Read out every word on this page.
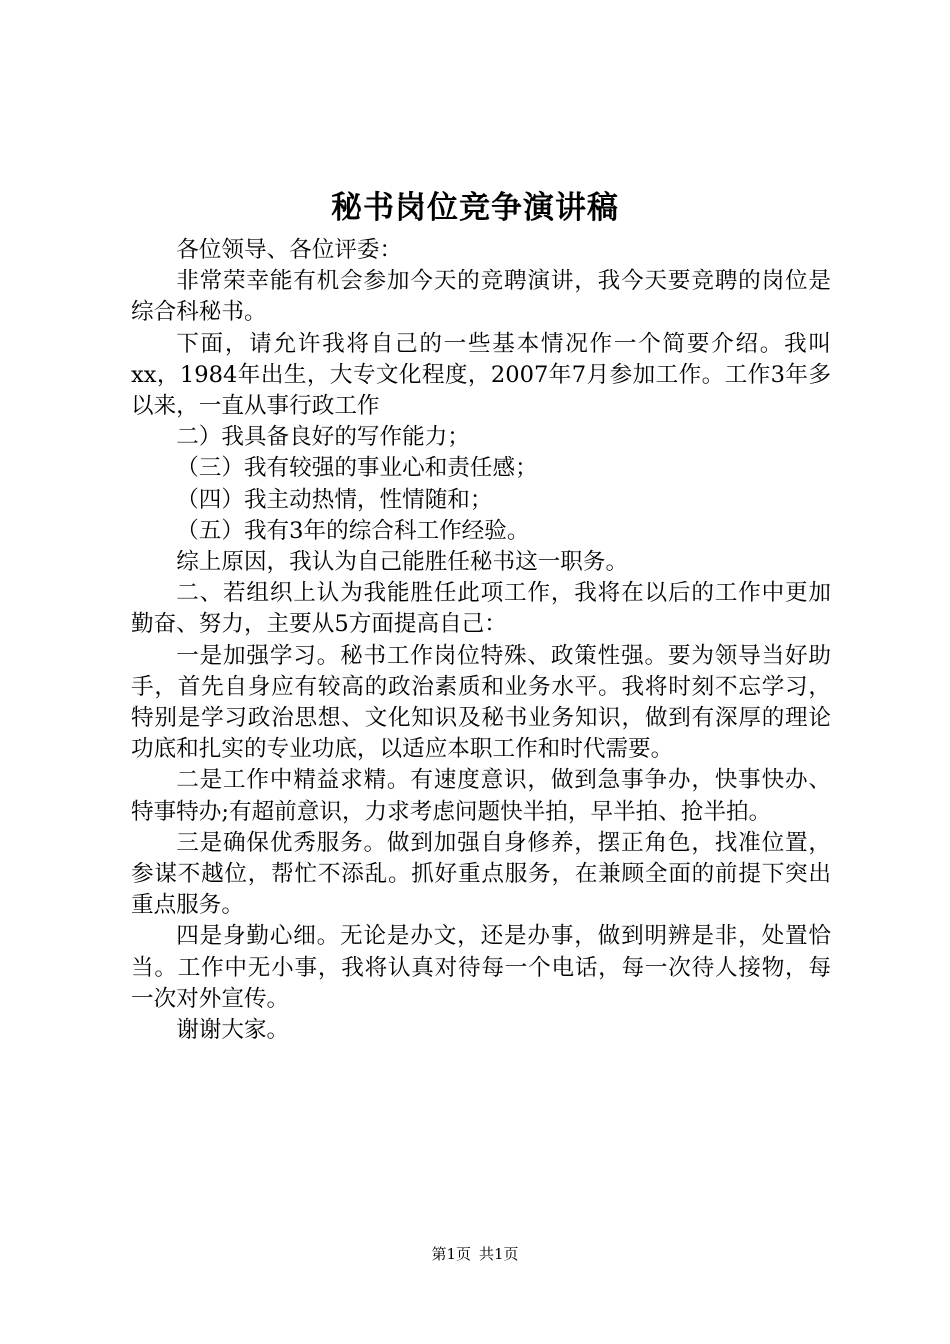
秘书岗位竞争演讲稿

各位领导、各位评委：

非常荣幸能有机会参加今天的竞聘演讲，我今天要竞聘的岗位是综合科秘书。

下面，请允许我将自己的一些基本情况作一个简要介绍。我叫xx，1984年出生，大专文化程度，2007年7月参加工作。工作3年多以来，一直从事行政工作

二）我具备良好的写作能力；

（三）我有较强的事业心和责任感；

（四）我主动热情，性情随和；

（五）我有3年的综合科工作经验。

综上原因，我认为自己能胜任秘书这一职务。

二、若组织上认为我能胜任此项工作，我将在以后的工作中更加勤奋、努力，主要从5方面提高自己：

一是加强学习。秘书工作岗位特殊、政策性强。要为领导当好助手，首先自身应有较高的政治素质和业务水平。我将时刻不忘学习，特别是学习政治思想、文化知识及秘书业务知识，做到有深厚的理论功底和扎实的专业功底，以适应本职工作和时代需要。

二是工作中精益求精。有速度意识，做到急事争办，快事快办、特事特办;有超前意识，力求考虑问题快半拍，早半拍、抢半拍。

三是确保优秀服务。做到加强自身修养，摆正角色，找准位置，参谋不越位，帮忙不添乱。抓好重点服务，在兼顾全面的前提下突出重点服务。

四是身勤心细。无论是办文，还是办事，做到明辨是非，处置恰当。工作中无小事，我将认真对待每一个电话，每一次待人接物，每一次对外宣传。

谢谢大家。

第1页 共1页
